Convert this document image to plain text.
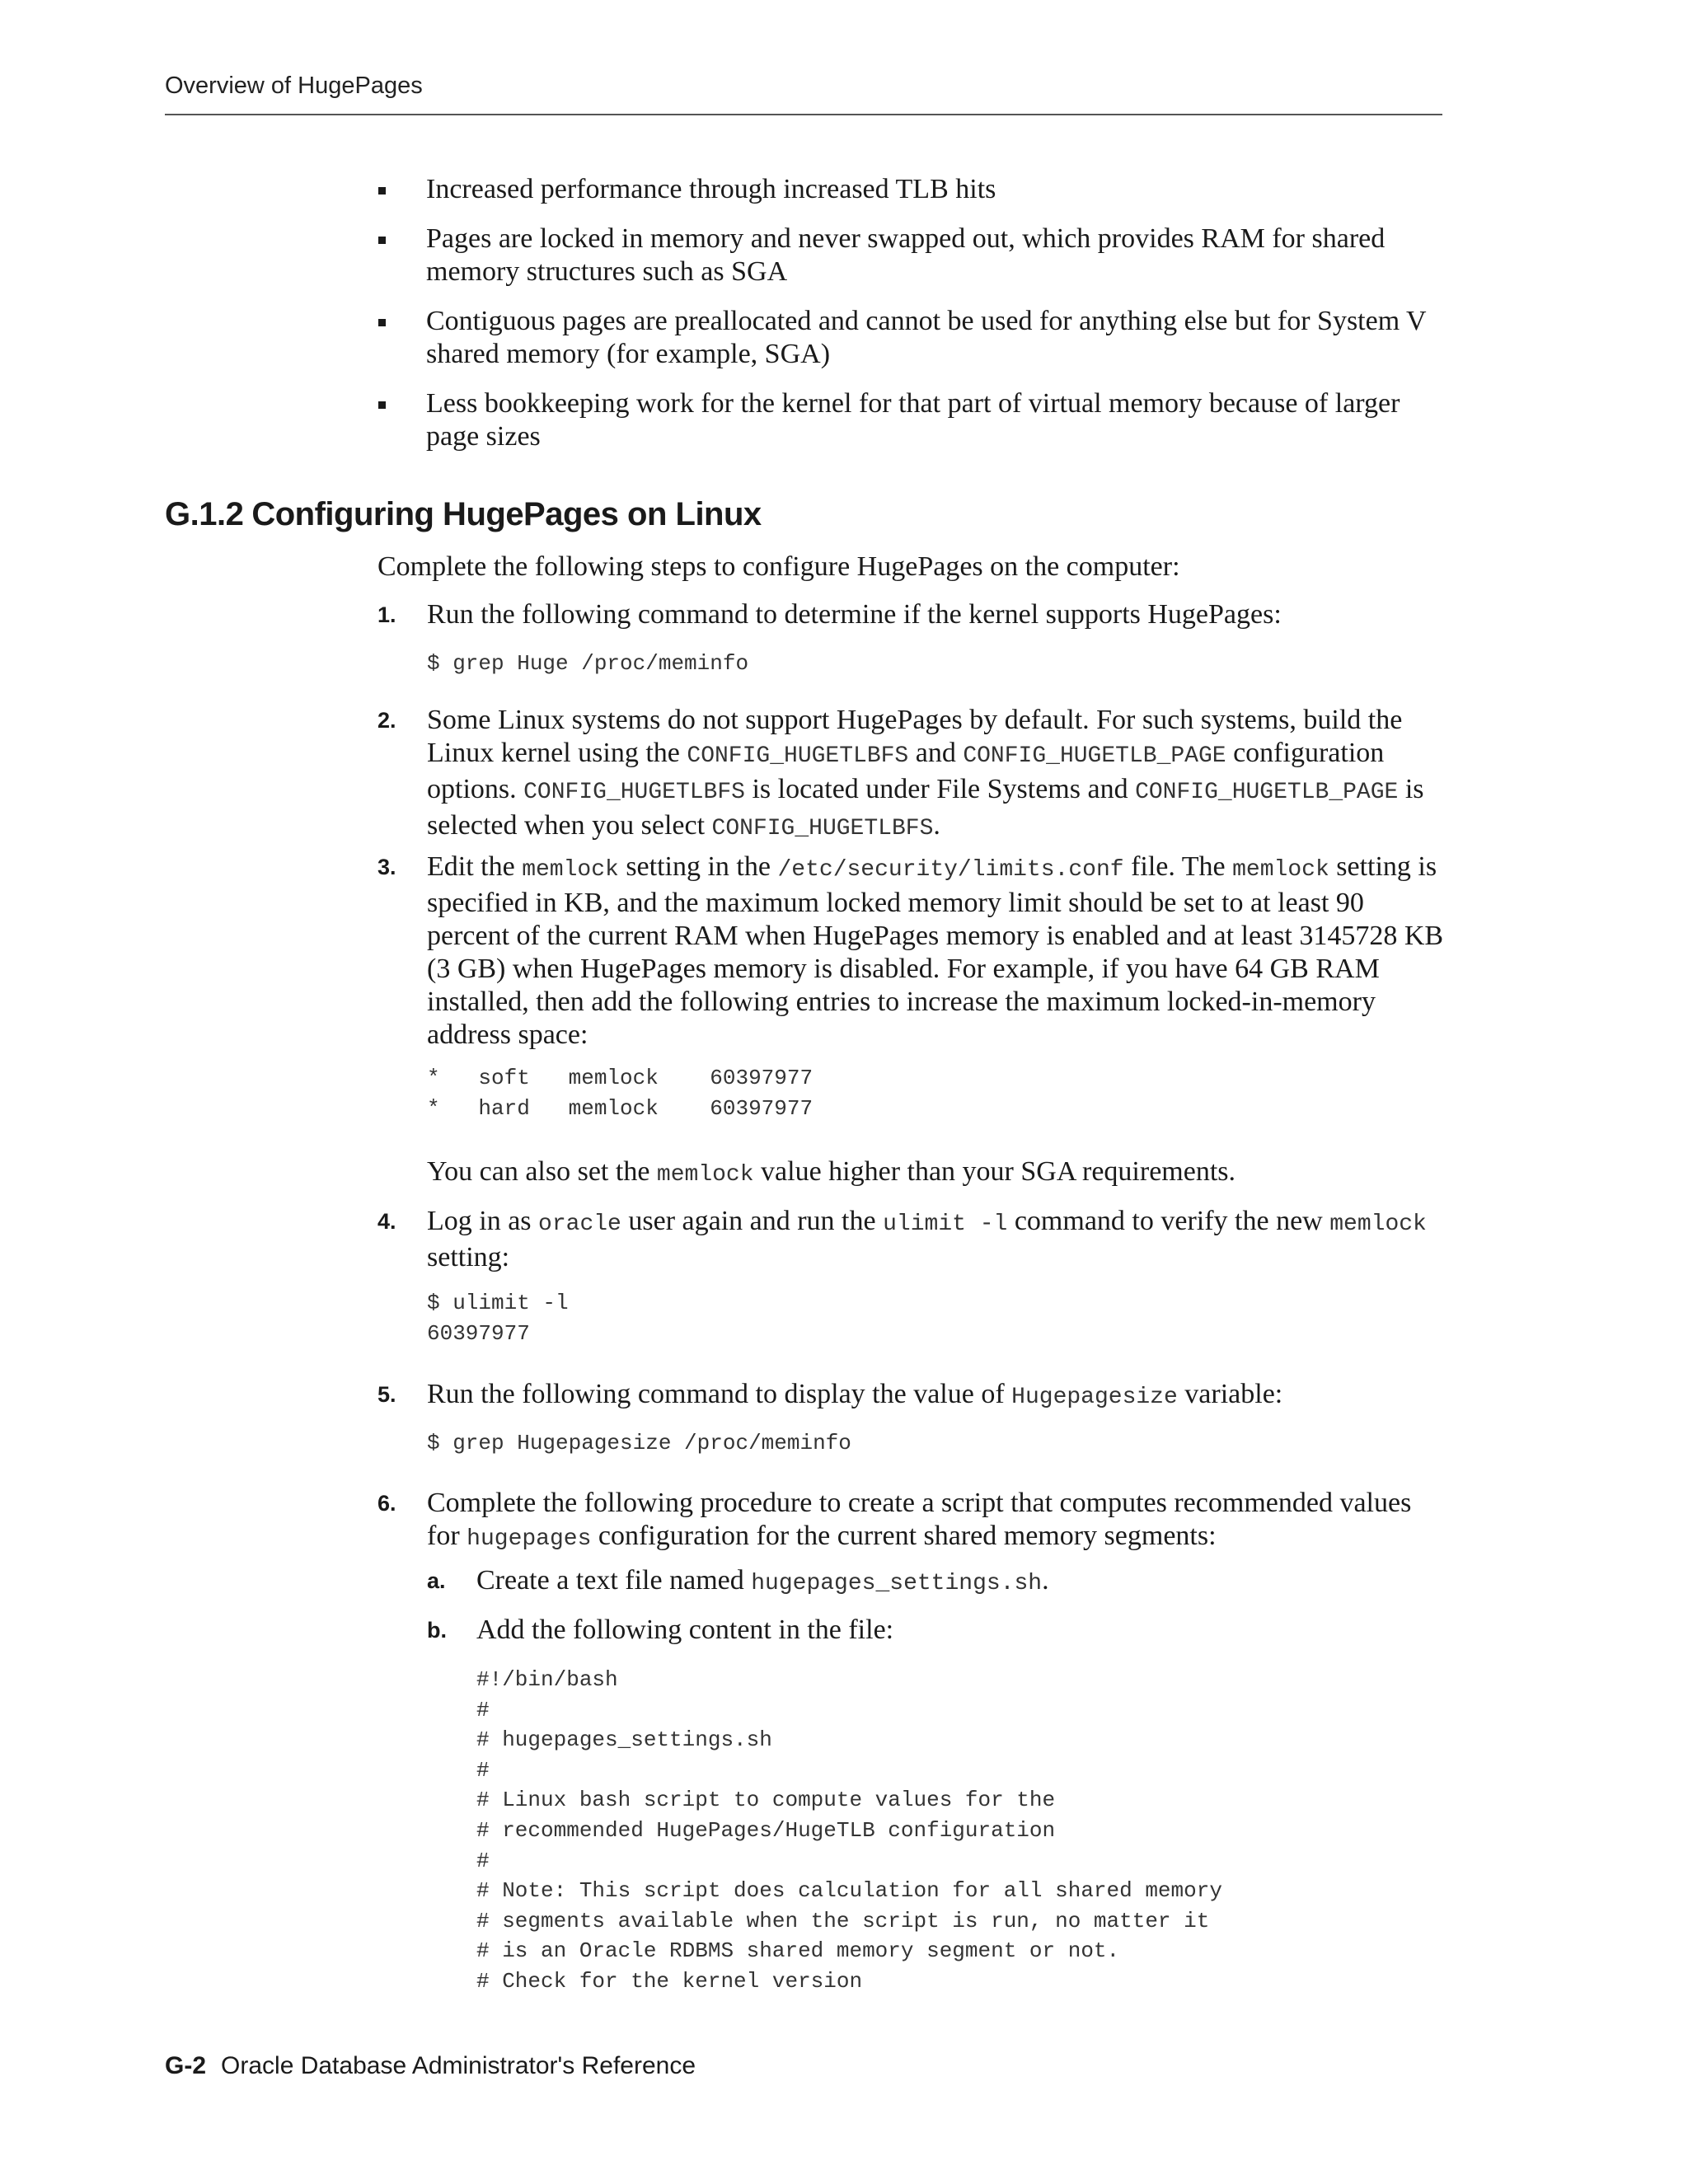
Overview of HugePages
Increased performance through increased TLB hits
Pages are locked in memory and never swapped out, which provides RAM for shared memory structures such as SGA
Contiguous pages are preallocated and cannot be used for anything else but for System V shared memory (for example, SGA)
Less bookkeeping work for the kernel for that part of virtual memory because of larger page sizes
G.1.2 Configuring HugePages on Linux
Complete the following steps to configure HugePages on the computer:
1. Run the following command to determine if the kernel supports HugePages:
$ grep Huge /proc/meminfo
2. Some Linux systems do not support HugePages by default. For such systems, build the Linux kernel using the CONFIG_HUGETLBFS and CONFIG_HUGETLB_PAGE configuration options. CONFIG_HUGETLBFS is located under File Systems and CONFIG_HUGETLB_PAGE is selected when you select CONFIG_HUGETLBFS.
3. Edit the memlock setting in the /etc/security/limits.conf file. The memlock setting is specified in KB, and the maximum locked memory limit should be set to at least 90 percent of the current RAM when HugePages memory is enabled and at least 3145728 KB (3 GB) when HugePages memory is disabled. For example, if you have 64 GB RAM installed, then add the following entries to increase the maximum locked-in-memory address space:
*   soft   memlock    60397977
*   hard   memlock    60397977
You can also set the memlock value higher than your SGA requirements.
4. Log in as oracle user again and run the ulimit -l command to verify the new memlock setting:
$ ulimit -l
60397977
5. Run the following command to display the value of Hugepagesize variable:
$ grep Hugepagesize /proc/meminfo
6. Complete the following procedure to create a script that computes recommended values for hugepages configuration for the current shared memory segments:
a. Create a text file named hugepages_settings.sh.
b. Add the following content in the file:
#!/bin/bash
#
# hugepages_settings.sh
#
# Linux bash script to compute values for the
# recommended HugePages/HugeTLB configuration
#
# Note: This script does calculation for all shared memory
# segments available when the script is run, no matter it
# is an Oracle RDBMS shared memory segment or not.
# Check for the kernel version
G-2 Oracle Database Administrator's Reference
